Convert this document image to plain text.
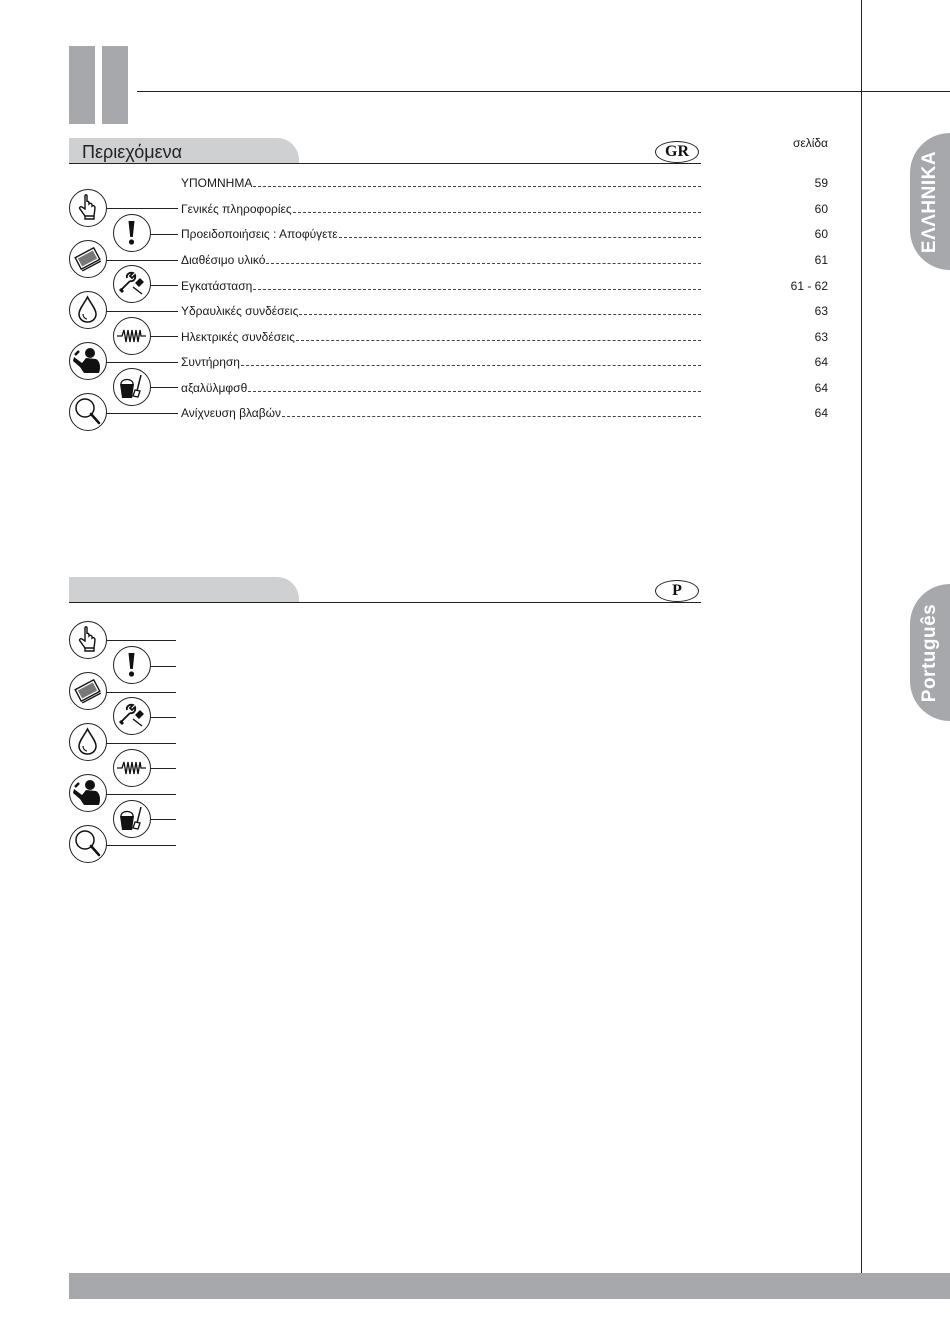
ΕΛΛΗΝΙΚΑ
Português
Περιεχόμενα	GR	σελίδα
ΥΠΟΜΝΗΜΑ	59
Γενικές πληροφορίες	60
Προειδοποιήσεις : Αποφύγετε	60
Διαθέσιμο υλικό	61
Εγκατάσταση	61 - 62
Υδραυλικές συνδέσεις	63
Ηλεκτρικές συνδέσεις	63
Συντήρηση	64
αξαλϋλμφσθ	64
Ανίχνευση βλαβών	64
P
